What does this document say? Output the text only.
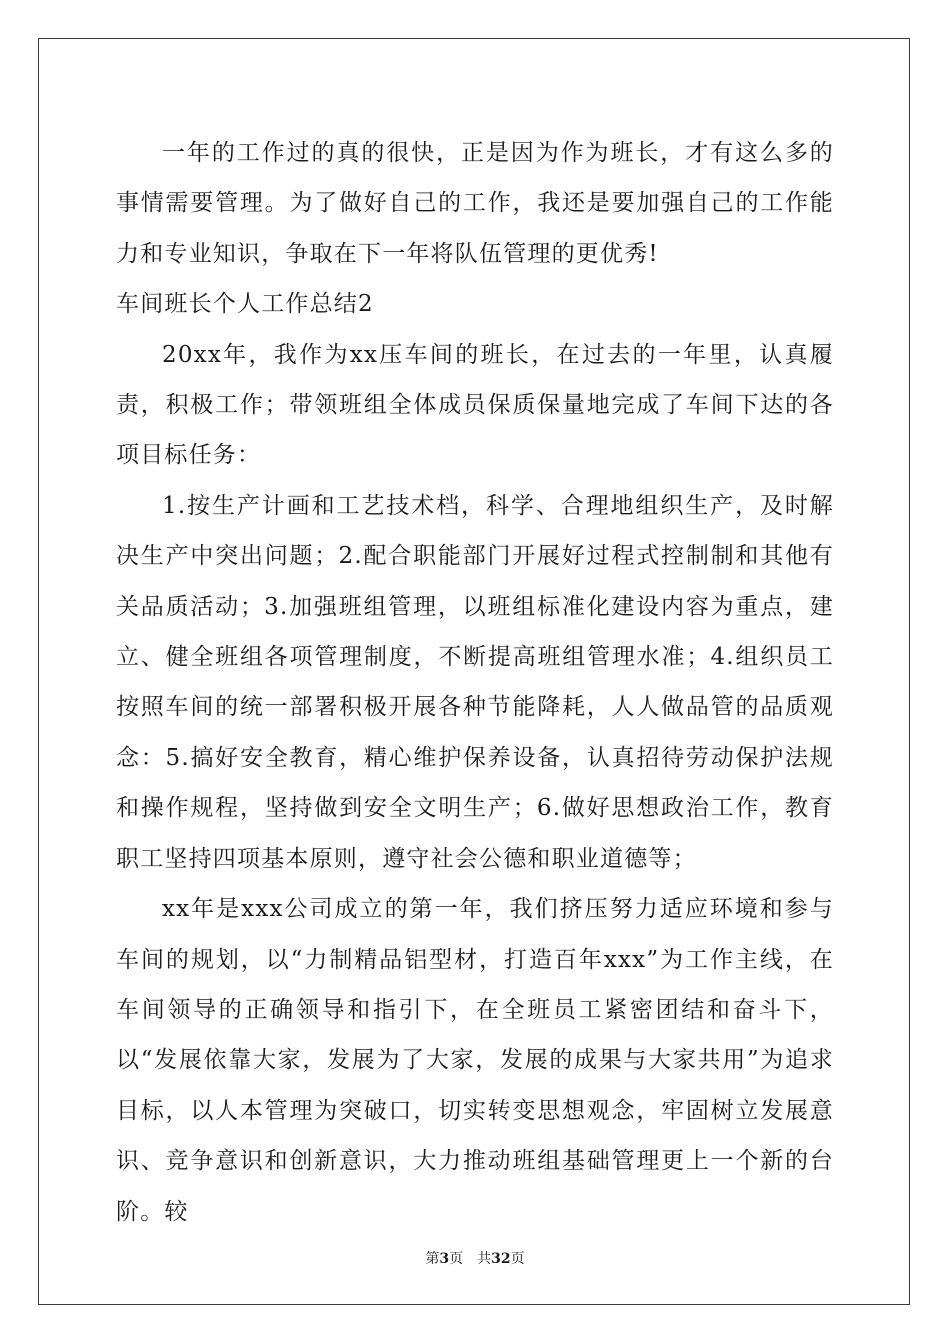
一年的工作过的真的很快，正是因为作为班长，才有这么多的事情需要管理。为了做好自己的工作，我还是要加强自己的工作能力和专业知识，争取在下一年将队伍管理的更优秀!

车间班长个人工作总结2

20xx年，我作为xx压车间的班长，在过去的一年里，认真履责，积极工作；带领班组全体成员保质保量地完成了车间下达的各项目标任务：

1.按生产计画和工艺技术档，科学、合理地组织生产，及时解决生产中突出问题；2.配合职能部门开展好过程式控制制和其他有关品质活动；3.加强班组管理，以班组标准化建设内容为重点，建立、健全班组各项管理制度，不断提高班组管理水准；4.组织员工按照车间的统一部署积极开展各种节能降耗，人人做品管的品质观念：5.搞好安全教育，精心维护保养设备，认真招待劳动保护法规和操作规程，坚持做到安全文明生产；6.做好思想政治工作，教育职工坚持四项基本原则，遵守社会公德和职业道德等；

xx年是xxx公司成立的第一年，我们挤压努力适应环境和参与车间的规划，以“力制精品铝型材，打造百年xxx”为工作主线，在车间领导的正确领导和指引下，在全班员工紧密团结和奋斗下，以“发展依靠大家，发展为了大家，发展的成果与大家共用”为追求目标，以人本管理为突破口，切实转变思想观念，牢固树立发展意识、竞争意识和创新意识，大力推动班组基础管理更上一个新的台阶。较

第3页 共32页
